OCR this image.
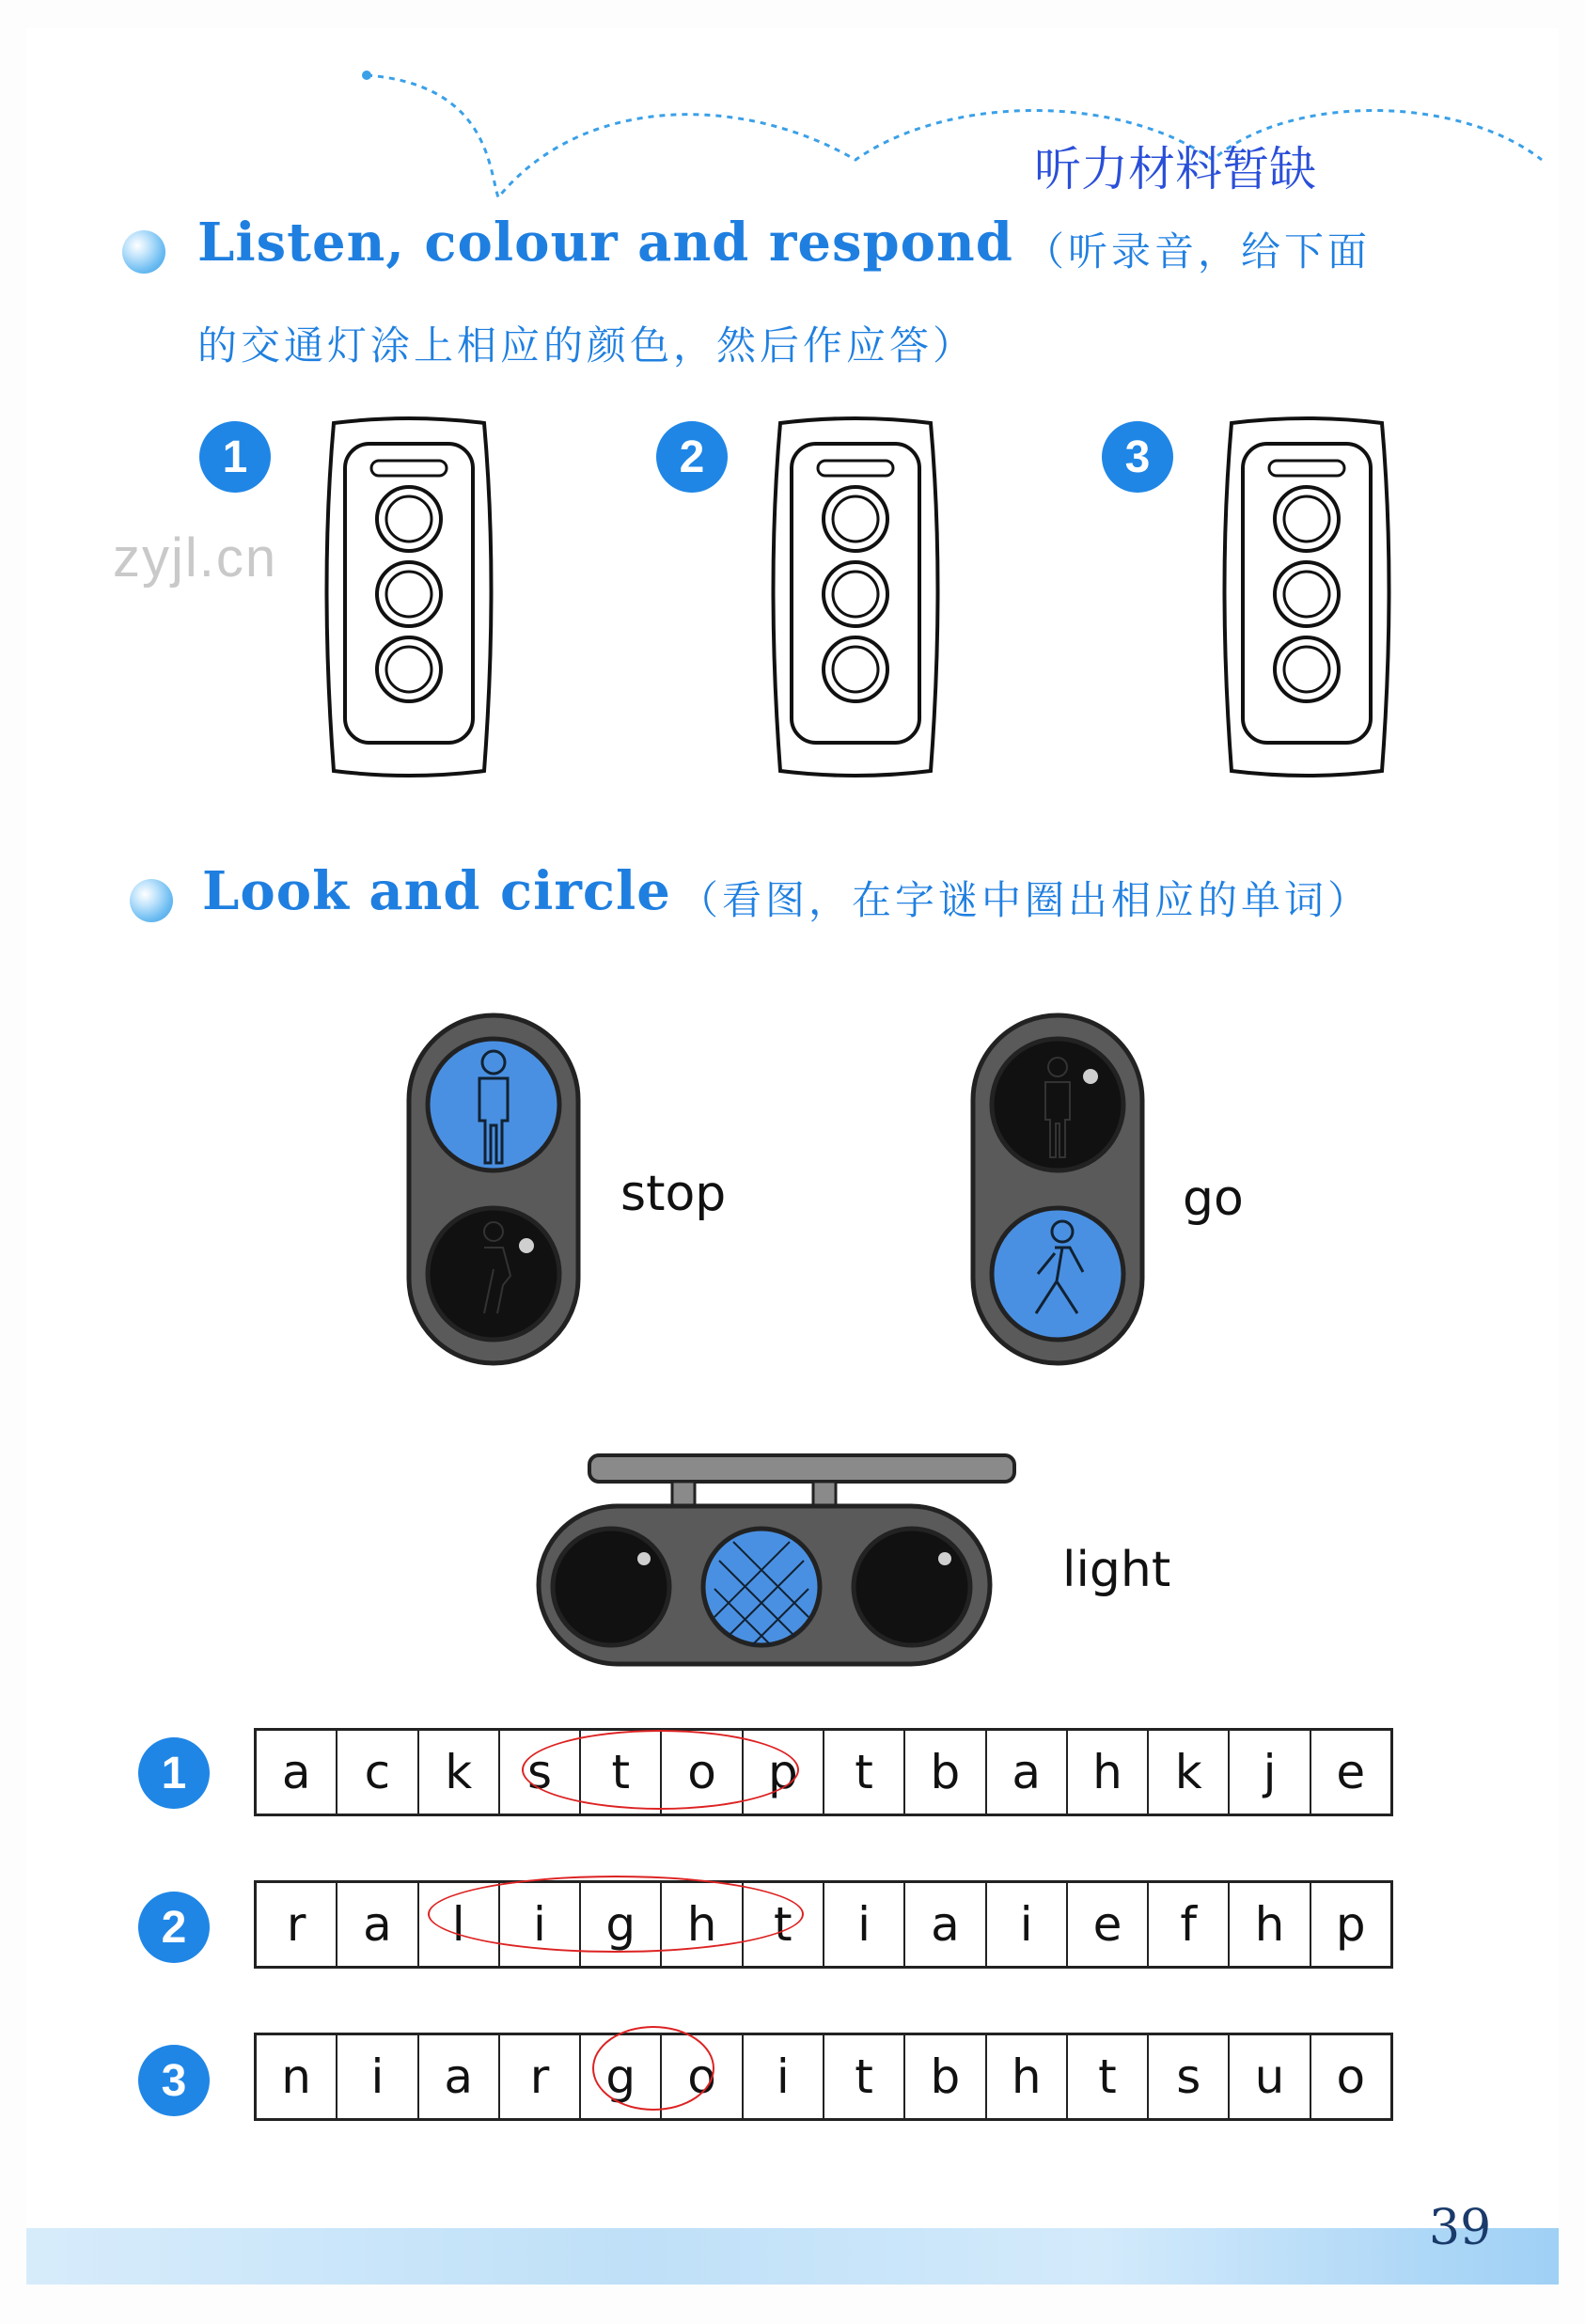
听力材料暂缺
Listen, colour and respond （听录音，给下面
的交通灯涂上相应的颜色，然后作应答）
zyjl.cn
1	2	3
Look and circle （看图，在字谜中圈出相应的单词）
stop	go
light
1	a	c	k	s	t	o	p	t	b	a	h	k	j	e
2	r	a	l	i	g	h	t	i	a	i	e	f	h	p
3	n	i	a	r	g	o	i	t	b	h	t	s	u	o
39
